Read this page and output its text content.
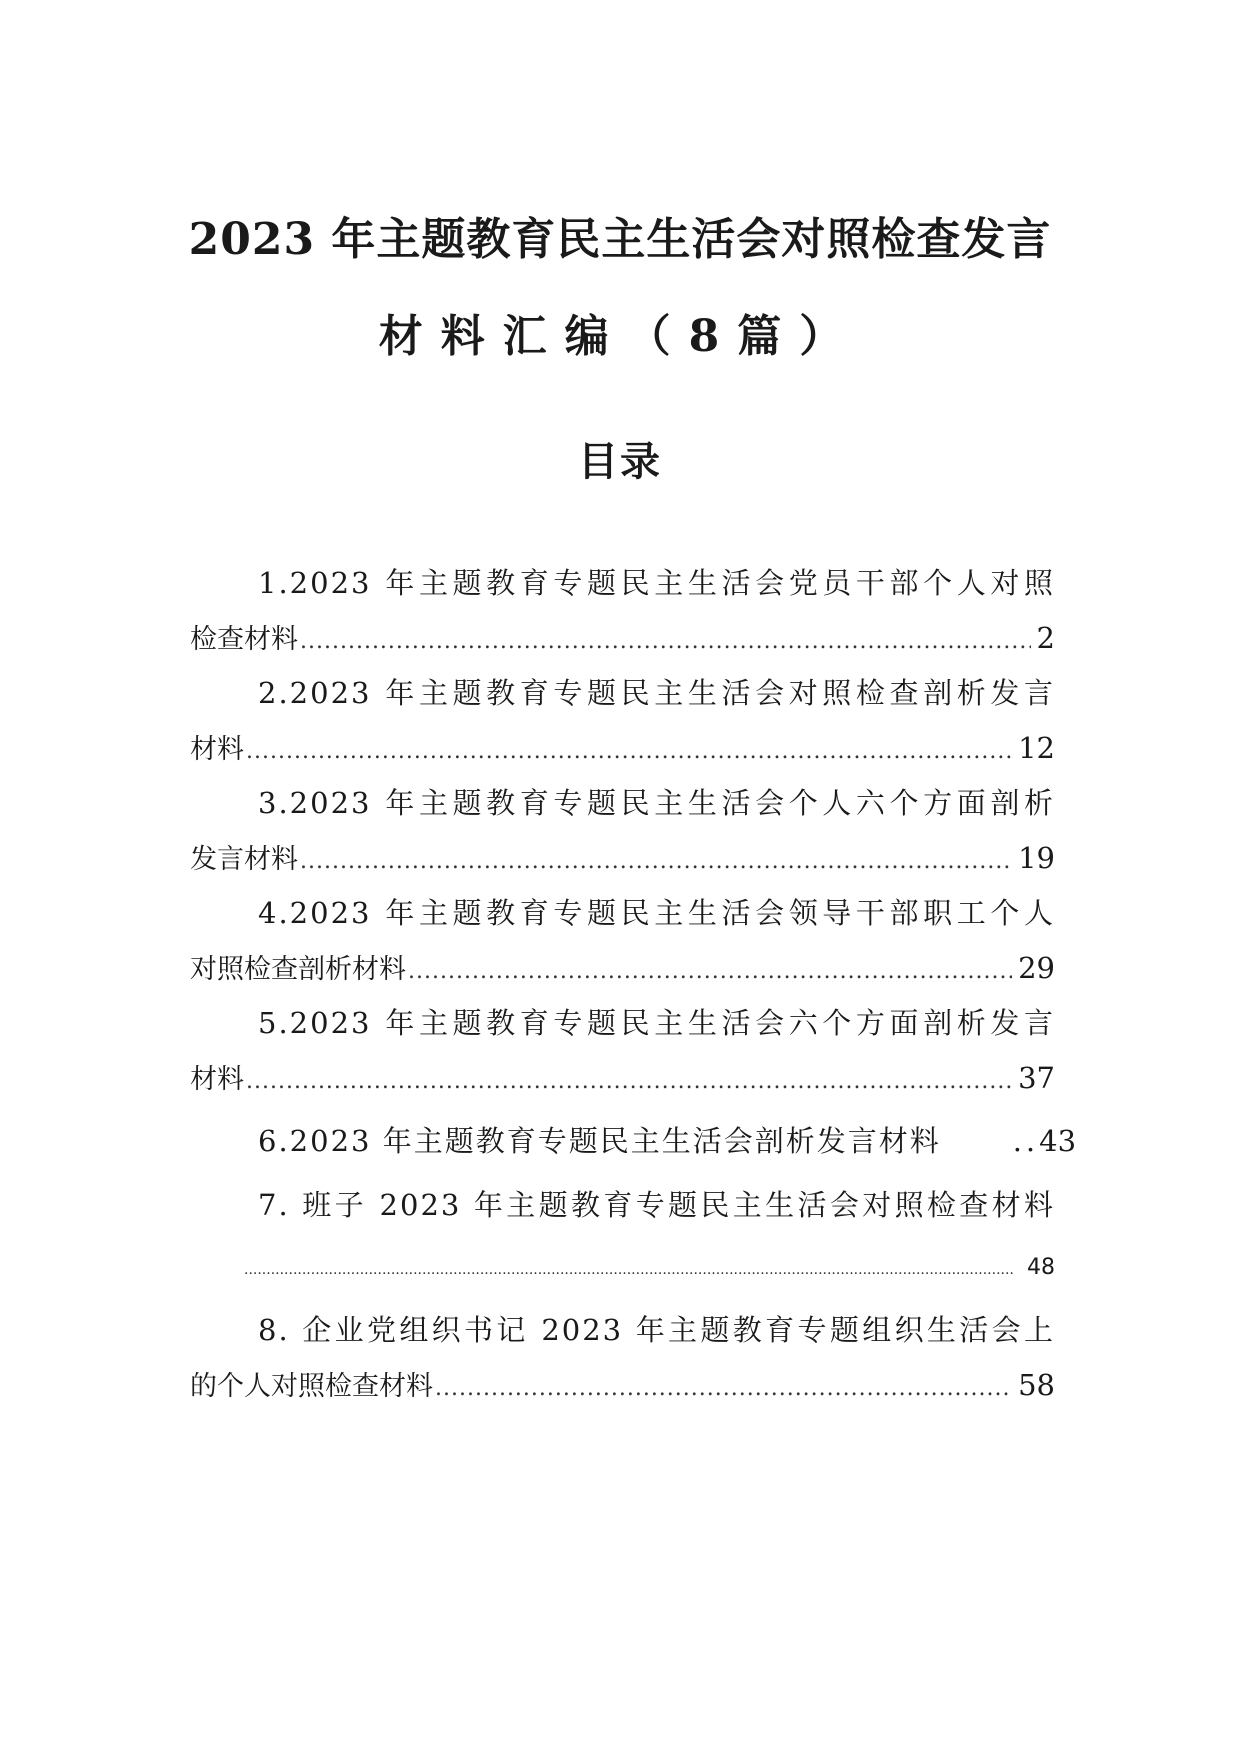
2023 年主题教育民主生活会对照检查发言
材料汇编（8篇）
目录
1.2023 年主题教育专题民主生活会党员干部个人对照
检查材料 .....	2
2.2023 年主题教育专题民主生活会对照检查剖析发言
材料 .....	12
3.2023 年主题教育专题民主生活会个人六个方面剖析
发言材料 .....	19
4.2023 年主题教育专题民主生活会领导干部职工个人
对照检查剖析材料 .....	29
5.2023 年主题教育专题民主生活会六个方面剖析发言
材料 .....	37
6.2023 年主题教育专题民主生活会剖析发言材料	.. 43
7. 班子 2023 年主题教育专题民主生活会对照检查材料
.....
48
8. 企业党组织书记 2023 年主题教育专题组织生活会上
的个人对照检查材料 .....	58
